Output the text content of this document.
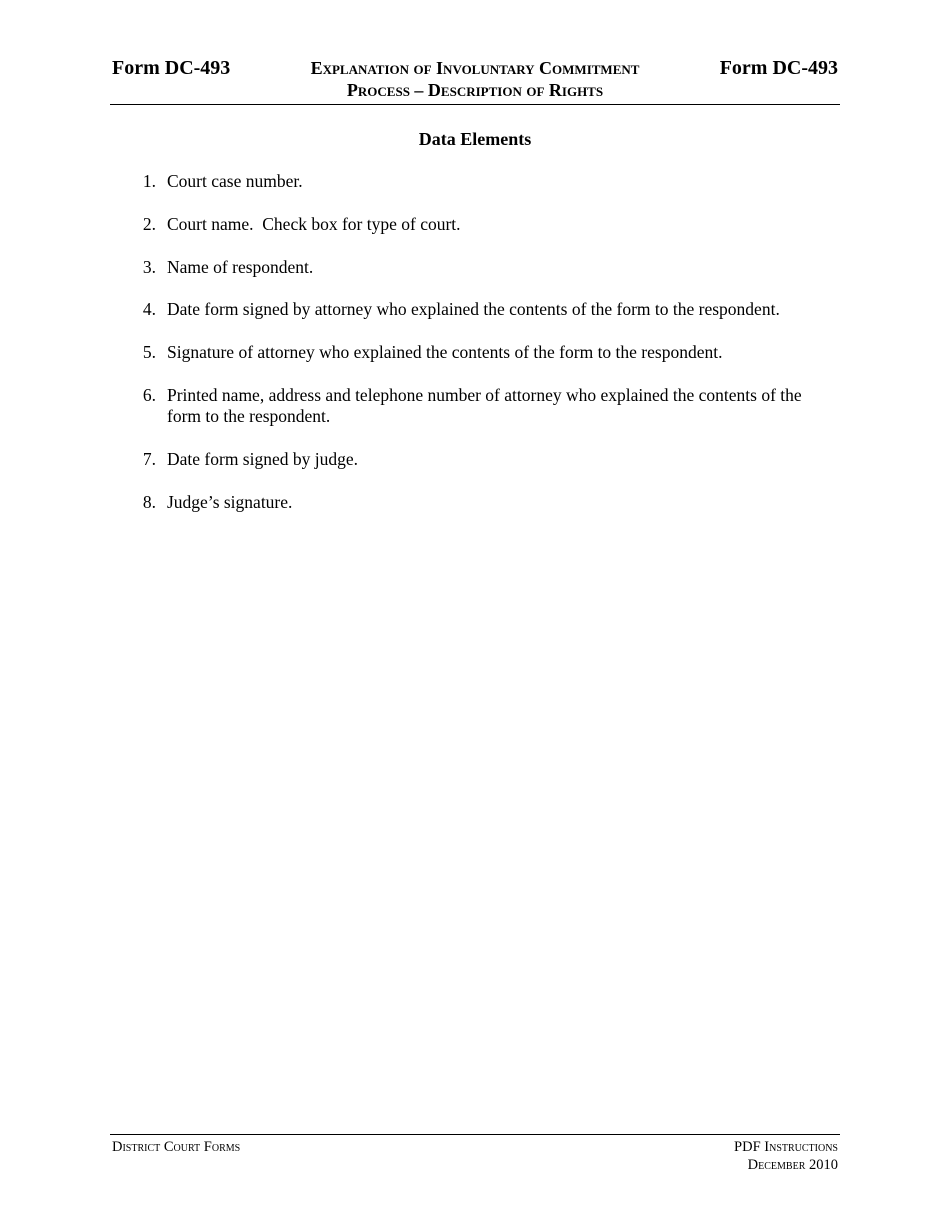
Form DC-493	Explanation of Involuntary Commitment
Process – Description of Rights
Form DC-493
Data Elements
1. Court case number.
2. Court name.  Check box for type of court.
3. Name of respondent.
4. Date form signed by attorney who explained the contents of the form to the respondent.
5. Signature of attorney who explained the contents of the form to the respondent.
6. Printed name, address and telephone number of attorney who explained the contents of the form to the respondent.
7. Date form signed by judge.
8. Judge’s signature.
District Court Forms	PDF Instructions
December 2010
